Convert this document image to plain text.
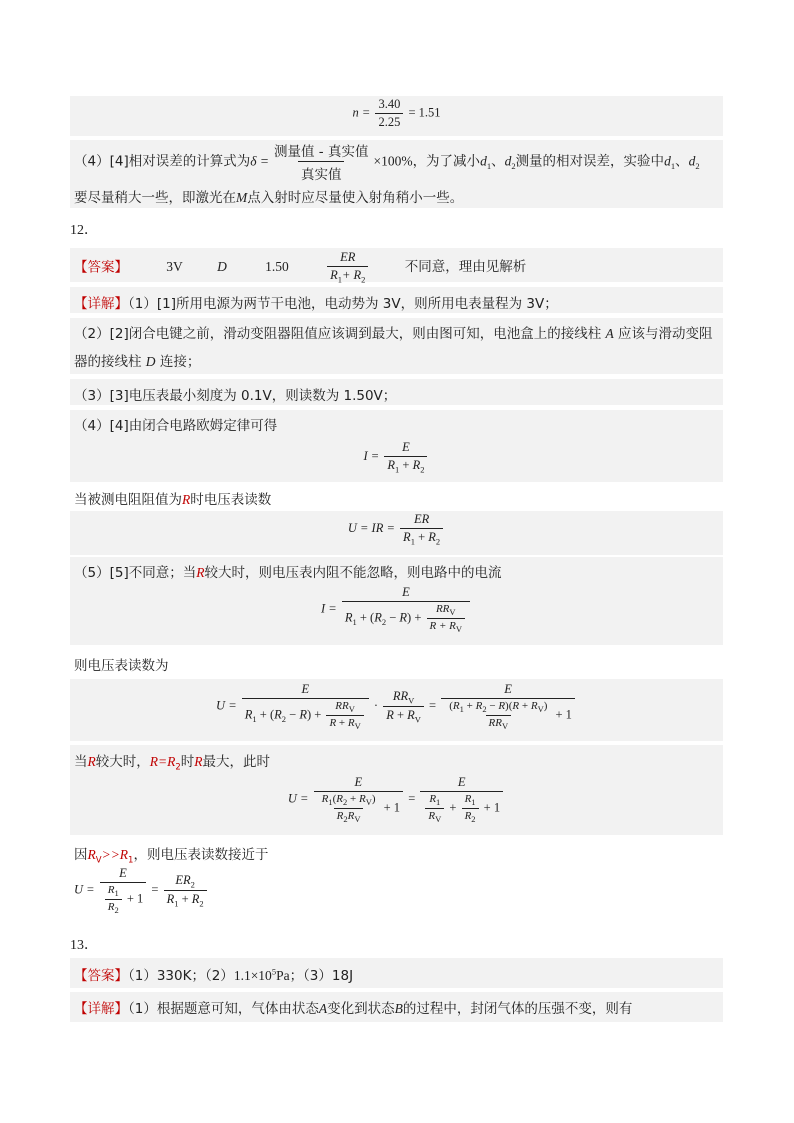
$n = \frac{3.40}{2.25} = 1.51$
（4）[4]相对误差的计算式为$\delta = \frac{\text{测量值 - 真实值}}{\text{真实值}} \times 100\%$，为了减小$d_1$、$d_2$测量的相对误差，实验中$d_1$、$d_2$
要尽量稍大一些，即激光在M点入射时应尽量使入射角稍小一些。
12．
【答案】	3V	D	1.50	$\frac{ER}{R_1+ R_2}$	不同意，理由见解析
【详解】（1）[1]所用电源为两节干电池，电动势为 3V，则所用电表量程为 3V；
（2）[2]闭合电键之前，滑动变阻器阻值应该调到最大，则由图可知，电池盒上的接线柱 A 应该与滑动变阻
器的接线柱 D 连接；
（3）[3]电压表最小刻度为 0.1V，则读数为 1.50V；
（4）[4]由闭合电路欧姆定律可得
$I = \frac{E}{R_1 + R_2}$
当被测电阻阻值为R时电压表读数
U = IR = $\frac{ER}{R_1 + R_2}$
（5）[5]不同意；当R较大时，则电压表内阻不能忽略，则电路中的电流
$I = \frac{E}{R_1 + (R_2 - R) + \frac{RR_V}{R + R_V}}$
则电压表读数为
$U = \frac{E}{R_1 + (R_2 - R) + \frac{RR_V}{R + R_V}} \cdot \frac{RR_V}{R + R_V} = \frac{E}{\frac{(R_1 + R_2 - R)(R + R_V)}{RR_V} + 1}$
当R较大时，$R=R_2$时R最大，此时
$U = \frac{E}{\frac{R_1(R_2 + R_V)}{R_2R_V} + 1} = \frac{E}{\frac{R_1}{R_V} + \frac{R_1}{R_2} + 1}$
因$R_V>>R_1$，则电压表读数接近于
$U = \frac{E}{\frac{R_1}{R_2} + 1} = \frac{ER_2}{R_1 + R_2}$
13．
【答案】（1）330K；$(2)1.1\times 10^5Pa$；（3）18J
【详解】（1）根据题意可知，气体由状态A变化到状态B的过程中，封闭气体的压强不变，则有
